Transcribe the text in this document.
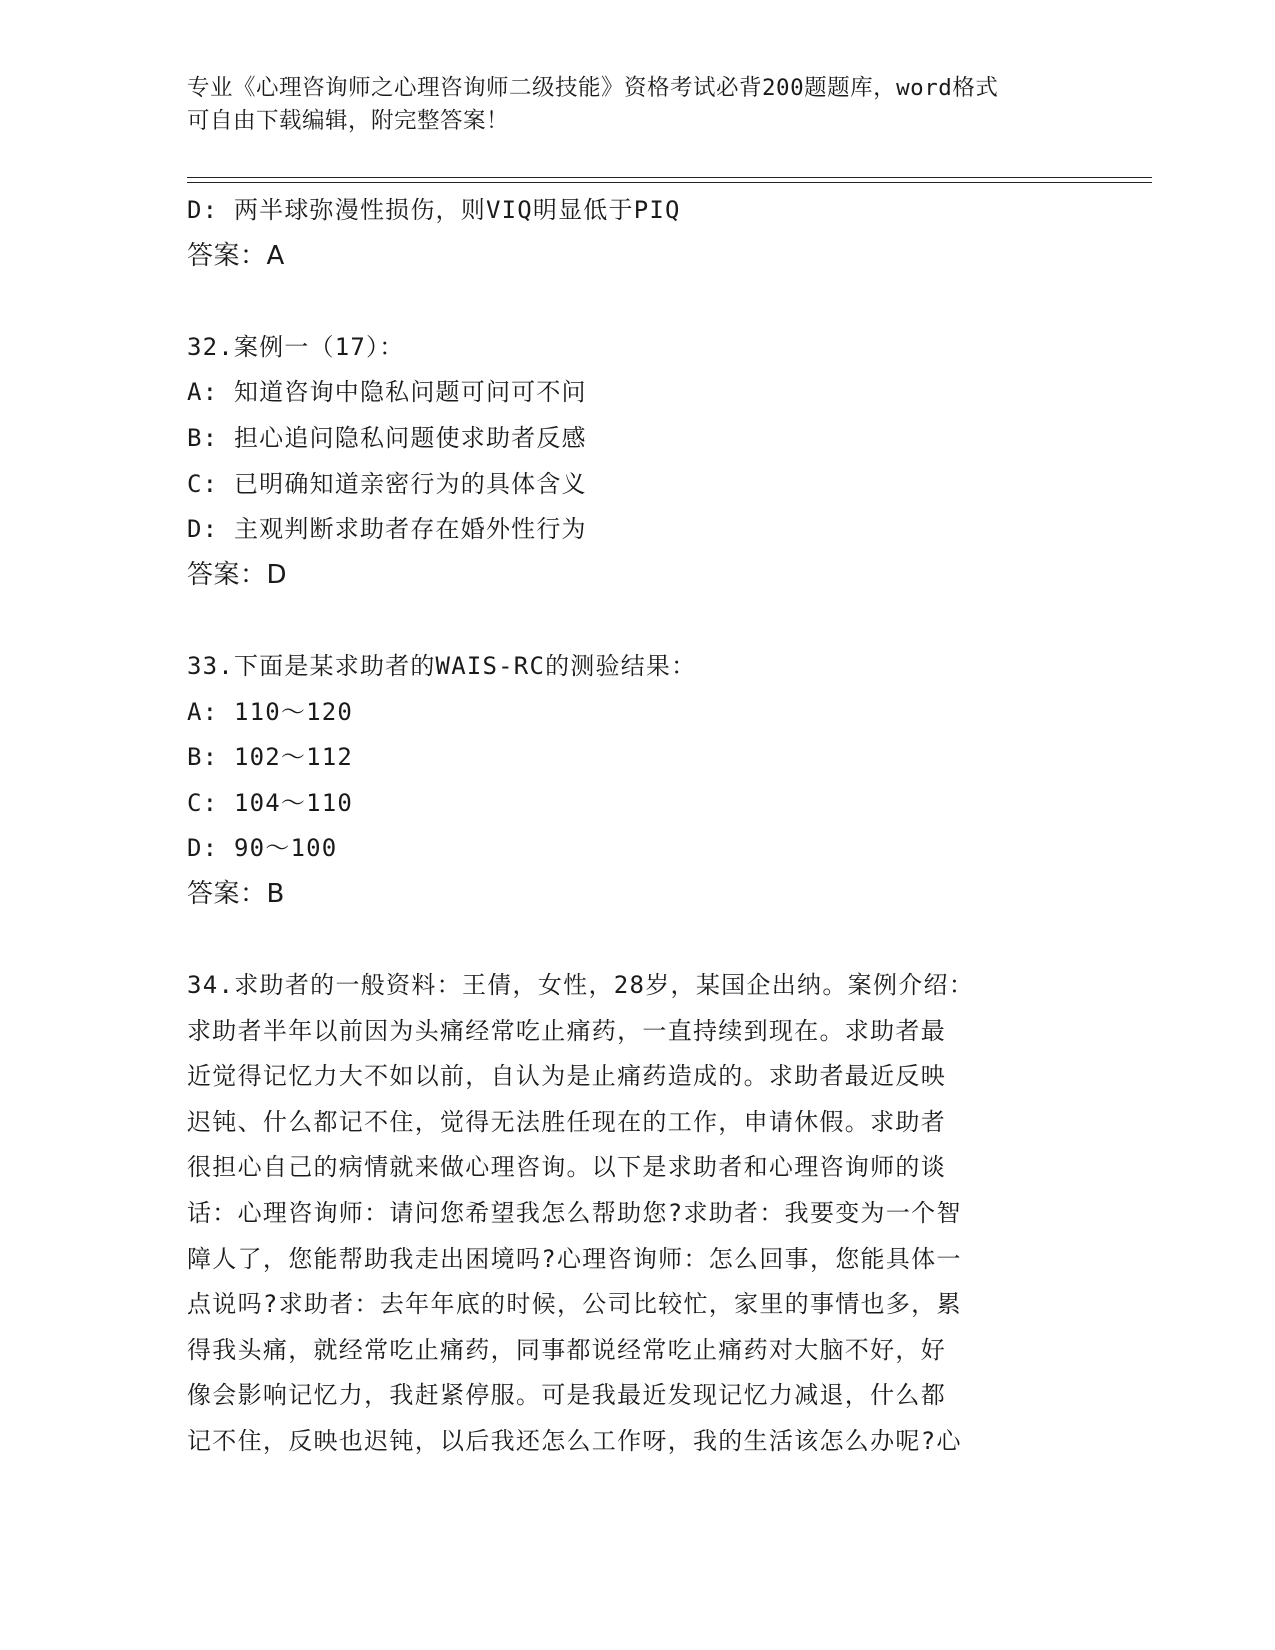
专业《心理咨询师之心理咨询师二级技能》资格考试必背200题题库，word格式
可自由下载编辑，附完整答案！
D: 两半球弥漫性损伤，则VIQ明显低于PIQ
答案：A
32.案例一（17）：
A: 知道咨询中隐私问题可问可不问
B: 担心追问隐私问题使求助者反感
C: 已明确知道亲密行为的具体含义
D: 主观判断求助者存在婚外性行为
答案：D
33.下面是某求助者的WAIS-RC的测验结果：
A: 110～120
B: 102～112
C: 104～110
D: 90～100
答案：B
34.求助者的一般资料：王倩，女性，28岁，某国企出纳。案例介绍：
求助者半年以前因为头痛经常吃止痛药，一直持续到现在。求助者最
近觉得记忆力大不如以前，自认为是止痛药造成的。求助者最近反映
迟钝、什么都记不住，觉得无法胜任现在的工作，申请休假。求助者
很担心自己的病情就来做心理咨询。以下是求助者和心理咨询师的谈
话：心理咨询师：请问您希望我怎么帮助您?求助者：我要变为一个智
障人了，您能帮助我走出困境吗?心理咨询师：怎么回事，您能具体一
点说吗?求助者：去年年底的时候，公司比较忙，家里的事情也多，累
得我头痛，就经常吃止痛药，同事都说经常吃止痛药对大脑不好，好
像会影响记忆力，我赶紧停服。可是我最近发现记忆力减退，什么都
记不住，反映也迟钝，以后我还怎么工作呀，我的生活该怎么办呢?心
